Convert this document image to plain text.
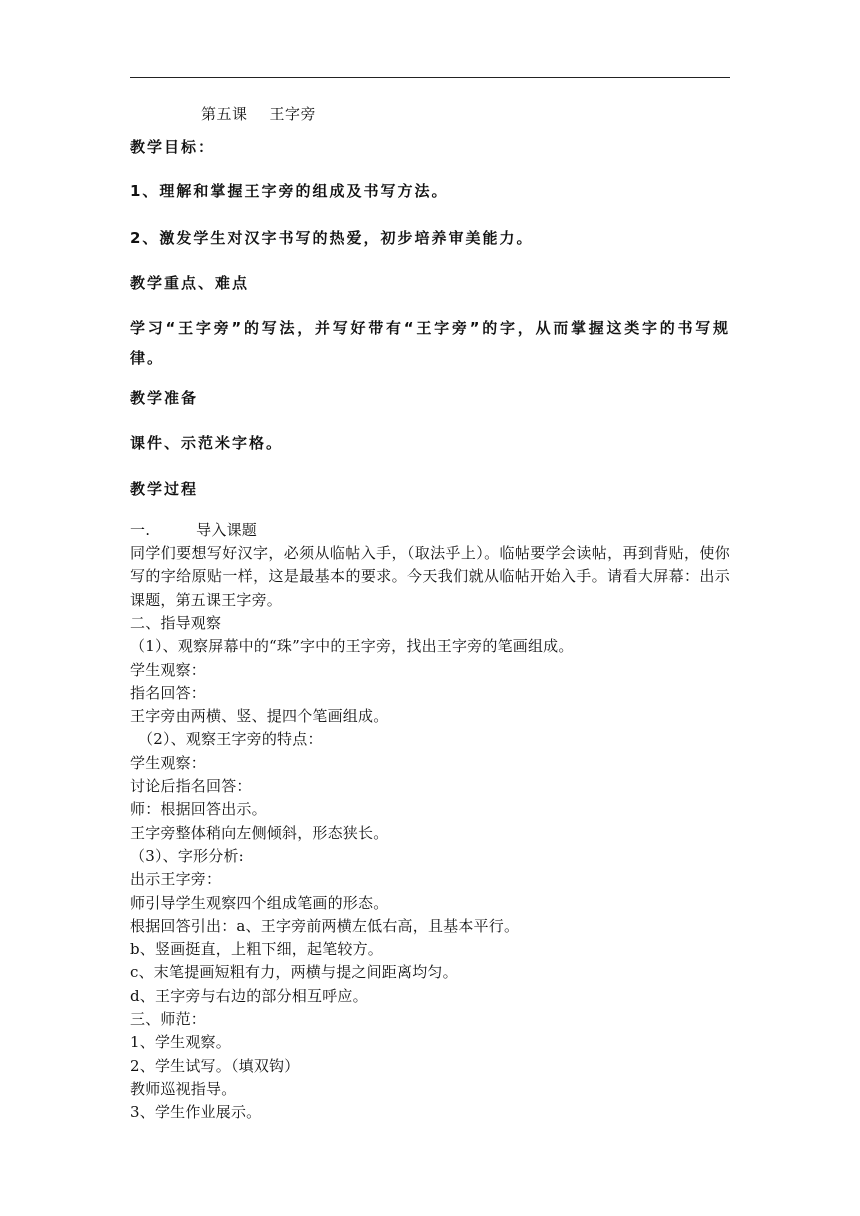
第五课 王字旁
教学目标：
1、理解和掌握王字旁的组成及书写方法。
2、激发学生对汉字书写的热爱，初步培养审美能力。
教学重点、难点
学习“王字旁”的写法，并写好带有“王字旁”的字，从而掌握这类字的书写规律。
教学准备
课件、示范米字格。
教学过程
一.	导入课题
同学们要想写好汉字，必须从临帖入手，（取法乎上）。临帖要学会读帖，再到背贴，使你写的字给原贴一样，这是最基本的要求。今天我们就从临帖开始入手。请看大屏幕：出示课题，第五课王字旁。
二、指导观察
（1）、观察屏幕中的“珠”字中的王字旁，找出王字旁的笔画组成。
学生观察：
指名回答：
王字旁由两横、竖、提四个笔画组成。
（2）、观察王字旁的特点：
学生观察：
讨论后指名回答：
师：根据回答出示。
王字旁整体稍向左侧倾斜，形态狭长。
（3）、字形分析:
出示王字旁：
师引导学生观察四个组成笔画的形态。
根据回答引出：a、王字旁前两横左低右高，且基本平行。
b、竖画挺直，上粗下细，起笔较方。
c、末笔提画短粗有力，两横与提之间距离均匀。
d、王字旁与右边的部分相互呼应。
三、师范：
1、学生观察。
2、学生试写。（填双钩）
教师巡视指导。
3、学生作业展示。
